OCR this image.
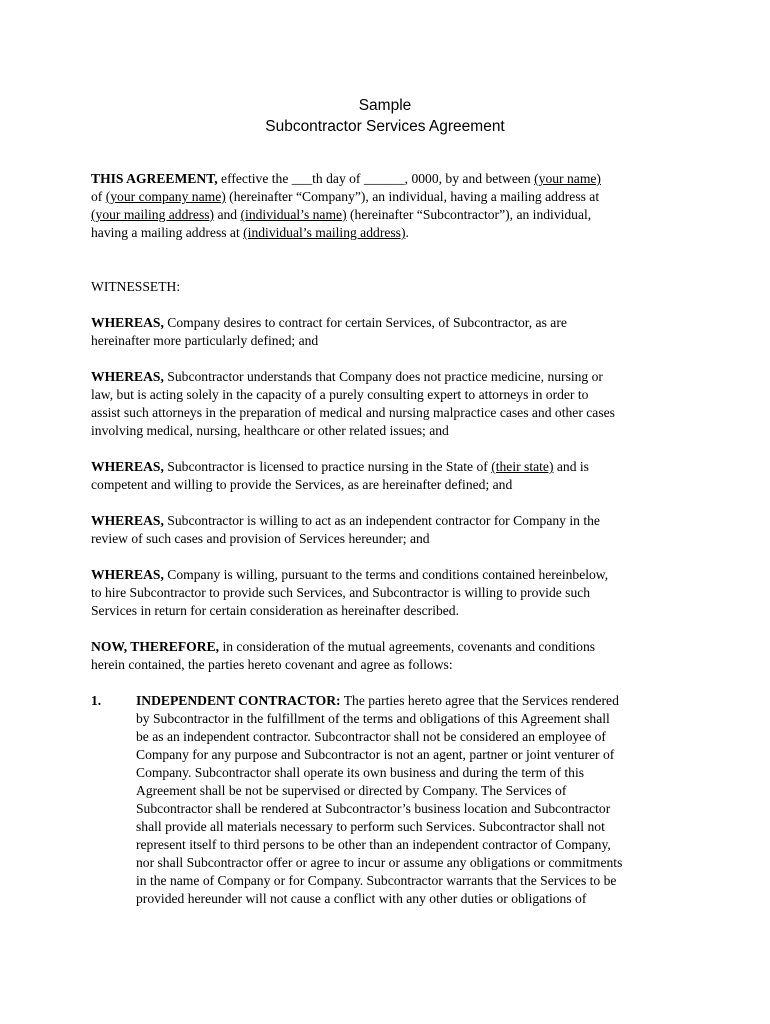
Sample
Subcontractor Services Agreement
THIS AGREEMENT, effective the ___th day of ______, 0000, by and between (your name)
of (your company name) (hereinafter “Company”), an individual, having a mailing address at
(your mailing address) and (individual’s name) (hereinafter “Subcontractor”), an individual,
having a mailing address at (individual’s mailing address).
WITNESSETH:
WHEREAS, Company desires to contract for certain Services, of Subcontractor, as are
hereinafter more particularly defined; and
WHEREAS, Subcontractor understands that Company does not practice medicine, nursing or
law, but is acting solely in the capacity of a purely consulting expert to attorneys in order to
assist such attorneys in the preparation of medical and nursing malpractice cases and other cases
involving medical, nursing, healthcare or other related issues; and
WHEREAS, Subcontractor is licensed to practice nursing in the State of (their state) and is
competent and willing to provide the Services, as are hereinafter defined; and
WHEREAS, Subcontractor is willing to act as an independent contractor for Company in the
review of such cases and provision of Services hereunder; and
WHEREAS, Company is willing, pursuant to the terms and conditions contained hereinbelow,
to hire Subcontractor to provide such Services, and Subcontractor is willing to provide such
Services in return for certain consideration as hereinafter described.
NOW, THEREFORE, in consideration of the mutual agreements, covenants and conditions
herein contained, the parties hereto covenant and agree as follows:
1.	INDEPENDENT CONTRACTOR: The parties hereto agree that the Services rendered
by Subcontractor in the fulfillment of the terms and obligations of this Agreement shall
be as an independent contractor. Subcontractor shall not be considered an employee of
Company for any purpose and Subcontractor is not an agent, partner or joint venturer of
Company. Subcontractor shall operate its own business and during the term of this
Agreement shall be not be supervised or directed by Company. The Services of
Subcontractor shall be rendered at Subcontractor’s business location and Subcontractor
shall provide all materials necessary to perform such Services. Subcontractor shall not
represent itself to third persons to be other than an independent contractor of Company,
nor shall Subcontractor offer or agree to incur or assume any obligations or commitments
in the name of Company or for Company. Subcontractor warrants that the Services to be
provided hereunder will not cause a conflict with any other duties or obligations of
